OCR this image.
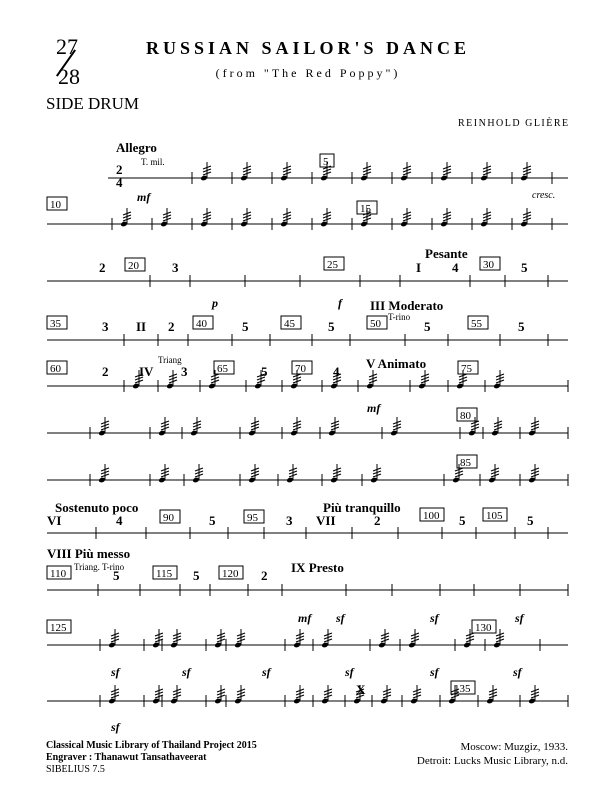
27
28
RUSSIAN SAILOR'S DANCE
(from "The Red Poppy")
SIDE DRUM
REINHOLD GLIÈRE
Allegro
T. mil.
2
4
mf	cresc.
5
10	15
2 20	3
p	f
25
Pesante
I 4 30 5
35	3 II 2 40	5	45	5
III Moderato
T-rino
50	5	55	5
60	2 IV
Triang
3	65	5	70 4
V Animato
mf
75
80
85
Sostenuto poco
VI	4	90	5	95 3
Più tranquillo
VII	2	100 5 105 5
VIII Più messo
Triang. T-rino
110	5	115 5 120 2
IX Presto
mf sf	sf	sf
125	130
sf	sf	sf	sf	sf	sf
sf
X	135
Classical Music Library of Thailand Project 2015
Engraver : Thanawut Tansathaveerat
SIBELIUS 7.5
Moscow: Muzgiz, 1933.
Detroit: Lucks Music Library, n.d.
